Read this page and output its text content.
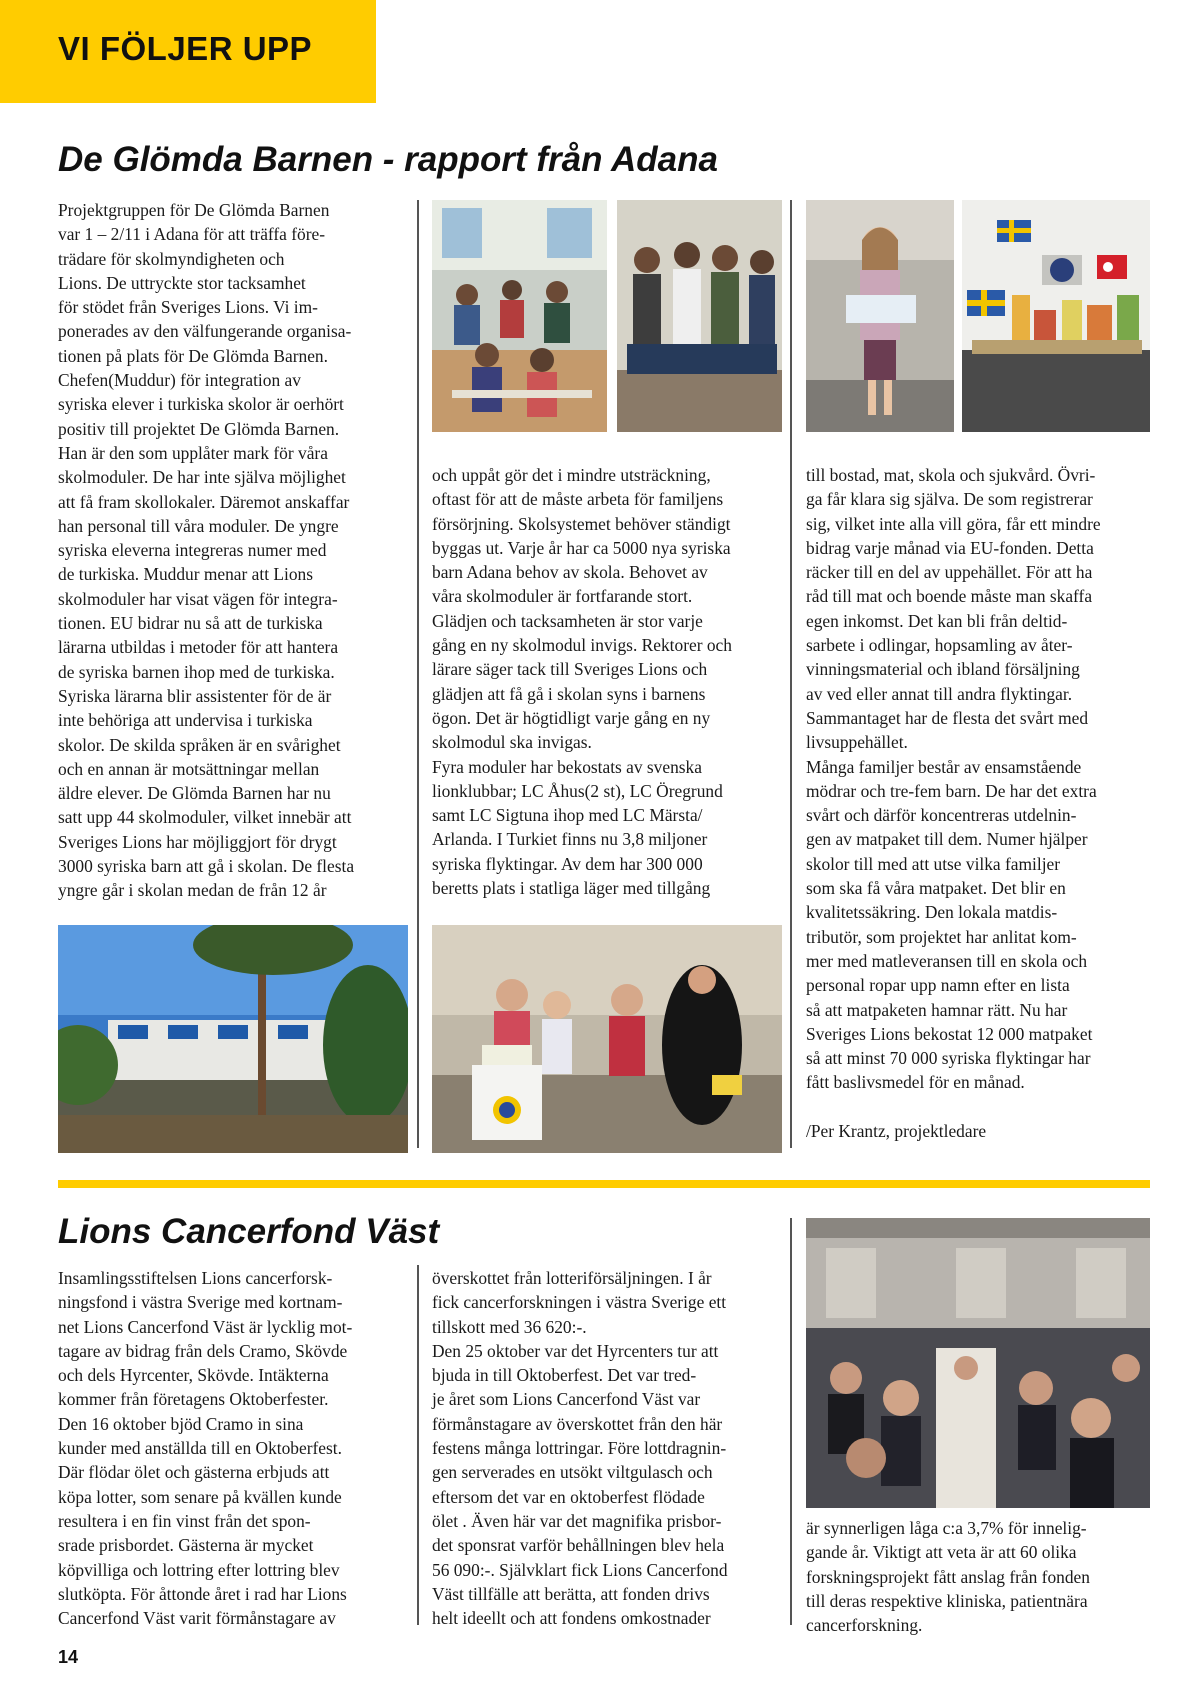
VI FÖLJER UPP
De Glömda Barnen - rapport från Adana
Projektgruppen för De Glömda Barnen
var 1 – 2/11 i Adana för att träffa före-
trädare för skolmyndigheten och
Lions. De uttryckte stor tacksamhet
för stödet från Sveriges Lions. Vi im-
ponerades av den välfungerande organisa-
tionen på plats för De Glömda Barnen.
Chefen(Muddur) för integration av
syriska elever i turkiska skolor är oerhört
positiv till projektet De Glömda Barnen.
Han är den som upplåter mark för våra
skolmoduler. De har inte själva möjlighet
att få fram skollokaler. Däremot anskaffar
han personal till våra moduler. De yngre
syriska eleverna integreras numer med
de turkiska. Muddur menar att Lions
skolmoduler har visat vägen för integra-
tionen. EU bidrar nu så att de turkiska
lärarna utbildas i metoder för att hantera
de syriska barnen ihop med de turkiska.
Syriska lärarna blir assistenter för de är
inte behöriga att undervisa i turkiska
skolor. De skilda språken är en svårighet
och en annan är motsättningar mellan
äldre elever. De Glömda Barnen har nu
satt upp 44 skolmoduler, vilket innebär att
Sveriges Lions har möjliggjort för drygt
3000 syriska barn att gå i skolan. De flesta
yngre går i skolan medan de från 12 år
och uppåt gör det i mindre utsträckning,
oftast för att de måste arbeta för familjens
försörjning. Skolsystemet behöver ständigt
byggas ut. Varje år har ca 5000 nya syriska
barn Adana behov av skola. Behovet av
våra skolmoduler är fortfarande stort.
Glädjen och tacksamheten är stor varje
gång en ny skolmodul invigs. Rektorer och
lärare säger tack till Sveriges Lions och
glädjen att få gå i skolan syns i barnens
ögon. Det är högtidligt varje gång en ny
skolmodul ska invigas.
Fyra moduler har bekostats av svenska
lionklubbar; LC Åhus(2 st), LC Öregrund
samt LC Sigtuna ihop med LC Märsta/
Arlanda. I Turkiet finns nu 3,8 miljoner
syriska flyktingar. Av dem har 300 000
beretts plats i statliga läger med tillgång
till bostad, mat, skola och sjukvård. Övri-
ga får klara sig själva. De som registrerar
sig, vilket inte alla vill göra, får ett mindre
bidrag varje månad via EU-fonden. Detta
räcker till en del av uppehället. För att ha
råd till mat och boende måste man skaffa
egen inkomst. Det kan bli från deltid-
sarbete i odlingar, hopsamling av åter-
vinningsmaterial och ibland försäljning
av ved eller annat till andra flyktingar.
Sammantaget har de flesta det svårt med
livsuppehället.
Många familjer består av ensamstående
mödrar och tre-fem barn. De har det extra
svårt och därför koncentreras utdelnin-
gen av matpaket till dem. Numer hjälper
skolor till med att utse vilka familjer
som ska få våra matpaket. Det blir en
kvalitetssäkring. Den lokala matdis-
tributör, som projektet har anlitat kom-
mer med matleveransen till en skola och
personal ropar upp namn efter en lista
så att matpaketen hamnar rätt. Nu har
Sveriges Lions bekostat 12 000 matpaket
så att minst 70 000 syriska flyktingar har
fått baslivsmedel för en månad.
/Per Krantz, projektledare
Lions Cancerfond Väst
Insamlingsstiftelsen Lions cancerforsk-
ningsfond i västra Sverige med kortnam-
net Lions Cancerfond Väst är lycklig mot-
tagare av bidrag från dels Cramo, Skövde
och dels Hyrcenter, Skövde. Intäkterna
kommer från företagens Oktoberfester.
Den 16 oktober bjöd Cramo in sina
kunder med anställda till en Oktoberfest.
Där flödar ölet och gästerna erbjuds att
köpa lotter, som senare på kvällen kunde
resultera i en fin vinst från det spon-
srade prisbordet. Gästerna är mycket
köpvilliga och lottring efter lottring blev
slutköpta. För åttonde året i rad har Lions
Cancerfond Väst varit förmånstagare av
överskottet från lotteriförsäljningen. I år
fick cancerforskningen i västra Sverige ett
tillskott med 36 620:-.
Den 25 oktober var det Hyrcenters tur att
bjuda in till Oktoberfest. Det var tred-
je året som Lions Cancerfond Väst var
förmånstagare av överskottet från den här
festens många lottringar. Före lottdragnin-
gen serverades en utsökt viltgulasch och
eftersom det var en oktoberfest flödade
ölet . Även här var det magnifika prisbor-
det sponsrat varför behållningen blev hela
56 090:-. Självklart fick Lions Cancerfond
Väst tillfälle att berätta, att fonden drivs
helt ideellt och att fondens omkostnader
är synnerligen låga c:a 3,7% för innelig-
gande år. Viktigt att veta är att 60 olika
forskningsprojekt fått anslag från fonden
till deras respektive kliniska, patientnära
cancerforskning.
14
